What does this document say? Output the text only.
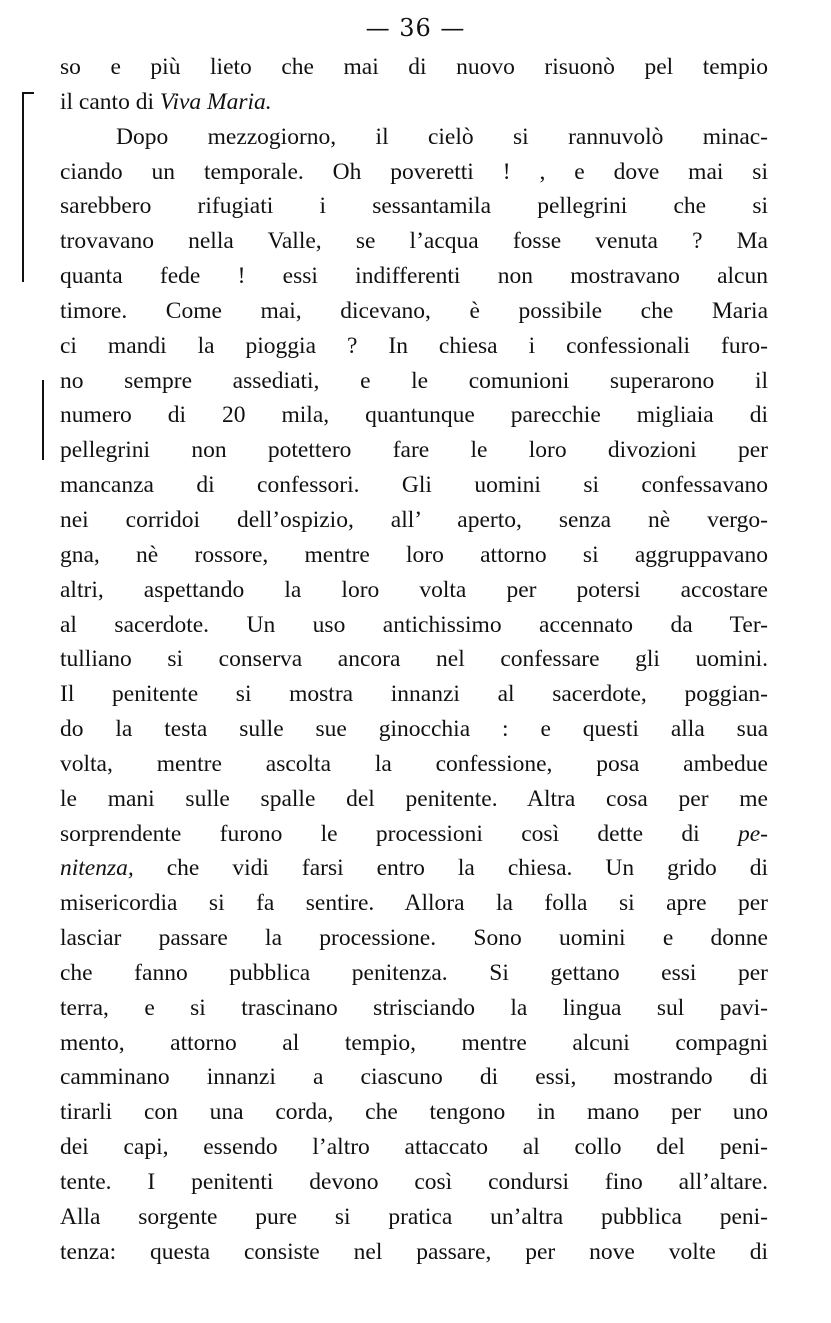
— 36 —
so e più lieto che mai di nuovo risuonò pel tempio
il canto di Viva Maria.
Dopo mezzogiorno, il cielò si rannuvolò minac-
ciando un temporale. Oh poveretti ! , e dove mai si
sarebbero rifugiati i sessantamila pellegrini che si
trovavano nella Valle, se l’acqua fosse venuta ? Ma
quanta fede ! essi indifferenti non mostravano alcun
timore. Come mai, dicevano, è possibile che Maria
ci mandi la pioggia ? In chiesa i confessionali furo-
no sempre assediati, e le comunioni superarono il
numero di 20 mila, quantunque parecchie migliaia di
pellegrini non potettero fare le loro divozioni per
mancanza di confessori. Gli uomini si confessavano
nei corridoi dell’ospizio, all’ aperto, senza nè vergo-
gna, nè rossore, mentre loro attorno si aggruppavano
altri, aspettando la loro volta per potersi accostare
al sacerdote. Un uso antichissimo accennato da Ter-
tulliano si conserva ancora nel confessare gli uomini.
Il penitente si mostra innanzi al sacerdote, poggian-
do la testa sulle sue ginocchia : e questi alla sua
volta, mentre ascolta la confessione, posa ambedue
le mani sulle spalle del penitente. Altra cosa per me
sorprendente furono le processioni così dette di pe-
nitenza, che vidi farsi entro la chiesa. Un grido di
misericordia si fa sentire. Allora la folla si apre per
lasciar passare la processione. Sono uomini e donne
che fanno pubblica penitenza. Si gettano essi per
terra, e si trascinano strisciando la lingua sul pavi-
mento, attorno al tempio, mentre alcuni compagni
camminano innanzi a ciascuno di essi, mostrando di
tirarli con una corda, che tengono in mano per uno
dei capi, essendo l’altro attaccato al collo del peni-
tente. I penitenti devono così condursi fino all’altare.
Alla sorgente pure si pratica un’altra pubblica peni-
tenza: questa consiste nel passare, per nove volte di
